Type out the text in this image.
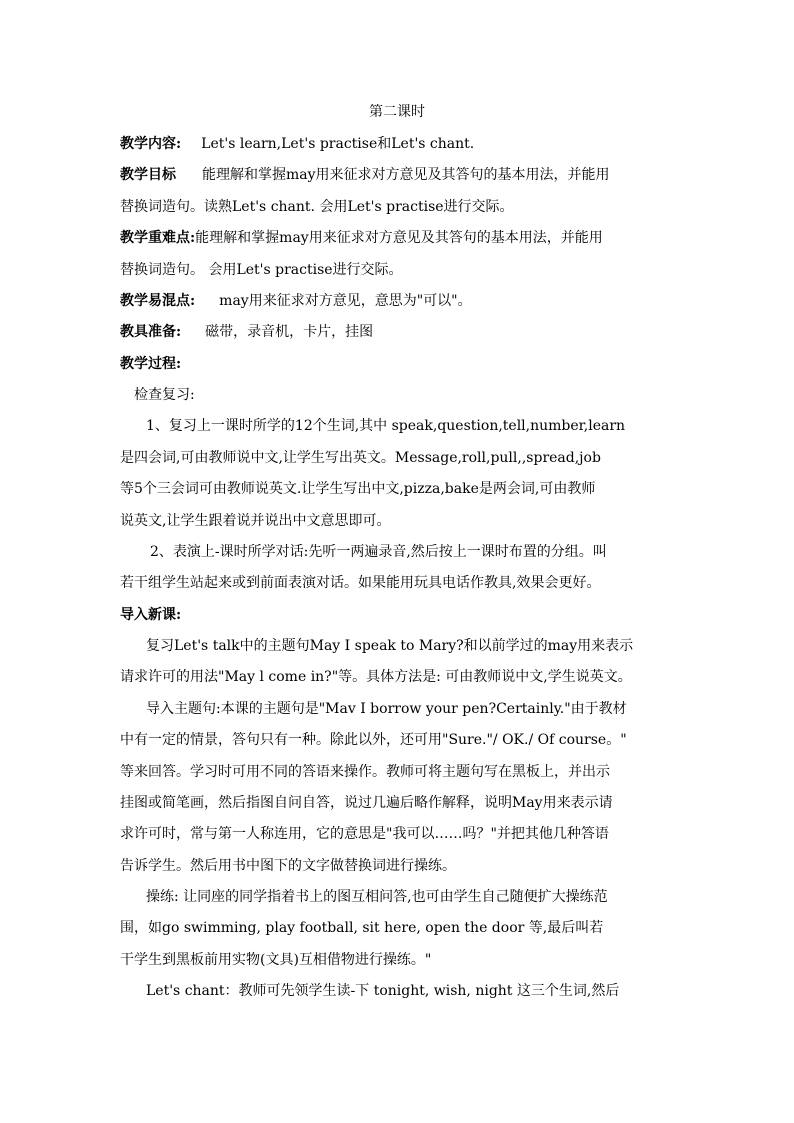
第二课时
教学内容: Let's learn,Let's practise和Let's chant.
教学目标 能理解和掌握may用来征求对方意见及其答句的基本用法，并能用
替换词造句。读熟Let's chant. 会用Let's practise进行交际。
教学重难点:能理解和掌握may用来征求对方意见及其答句的基本用法，并能用
替换词造句。 会用Let's practise进行交际。
教学易混点: may用来征求对方意见，意思为"可以"。
教具准备: 磁带，录音机，卡片，挂图
教学过程:
检查复习:
1、复习上一课时所学的12个生词,其中 speak,question,tell,number,learn
是四会词,可由教师说中文,让学生写出英文。Message,roll,pull,,spread,job
等5个三会词可由教师说英文.让学生写出中文,pizza,bake是两会词,可由教师
说英文,让学生跟着说并说出中文意思即可。
2、表演上-课时所学对话:先听一两遍录音,然后按上一课时布置的分组。叫
若干组学生站起来或到前面表演对话。如果能用玩具电话作教具,效果会更好。
导入新课:
复习Let's talk中的主题句May I speak to Mary?和以前学过的may用来表示
请求许可的用法"May l come in?"等。具体方法是: 可由教师说中文,学生说英文。
导入主题句:本课的主题句是"Mav I borrow your pen?Certainly."由于教材
中有一定的情景，答句只有一种。除此以外，还可用"Sure."/ OK./ Of course。"
等来回答。学习时可用不同的答语来操作。教师可将主题句写在黑板上，并出示
挂图或简笔画，然后指图自问自答，说过几遍后略作解释，说明May用来表示请
求许可时，常与第一人称连用，它的意思是"我可以……吗？"并把其他几种答语
告诉学生。然后用书中图下的文字做替换词进行操练。
操练: 让同座的同学指着书上的图互相问答,也可由学生自己随便扩大操练范
围，如go swimming, play football, sit here, open the door 等,最后叫若
干学生到黑板前用实物(文具)互相借物进行操练。"
Let's chant：教师可先领学生读-下 tonight, wish, night 这三个生词,然后
